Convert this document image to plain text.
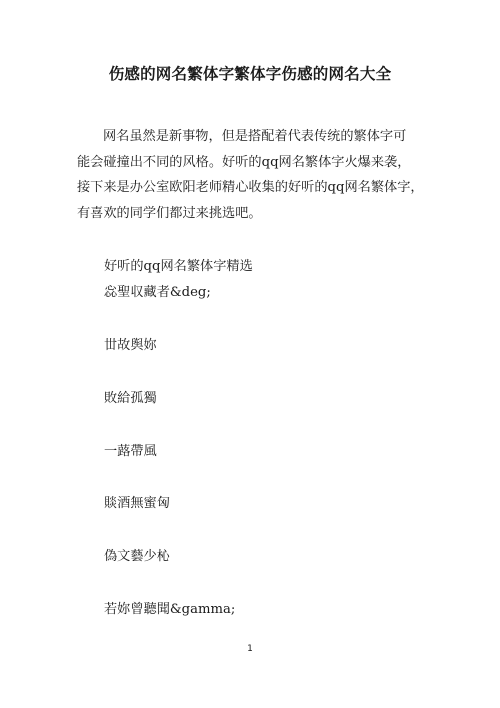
伤感的网名繁体字繁体字伤感的网名大全

网名虽然是新事物，但是搭配着代表传统的繁体字可

能会碰撞出不同的风格。好听的qq网名繁体字火爆来袭，

接下来是办公室欧阳老师精心收集的好听的qq网名繁体字，

有喜欢的同学们都过来挑选吧。

好听的qq网名繁体字精选
惢聖収藏者&deg;
丗故舆妳
敗給孤獨
一蕗帶風
賧酒無蜜匈
偽文藝少杺
若妳曾聽聞&gamma;
1
